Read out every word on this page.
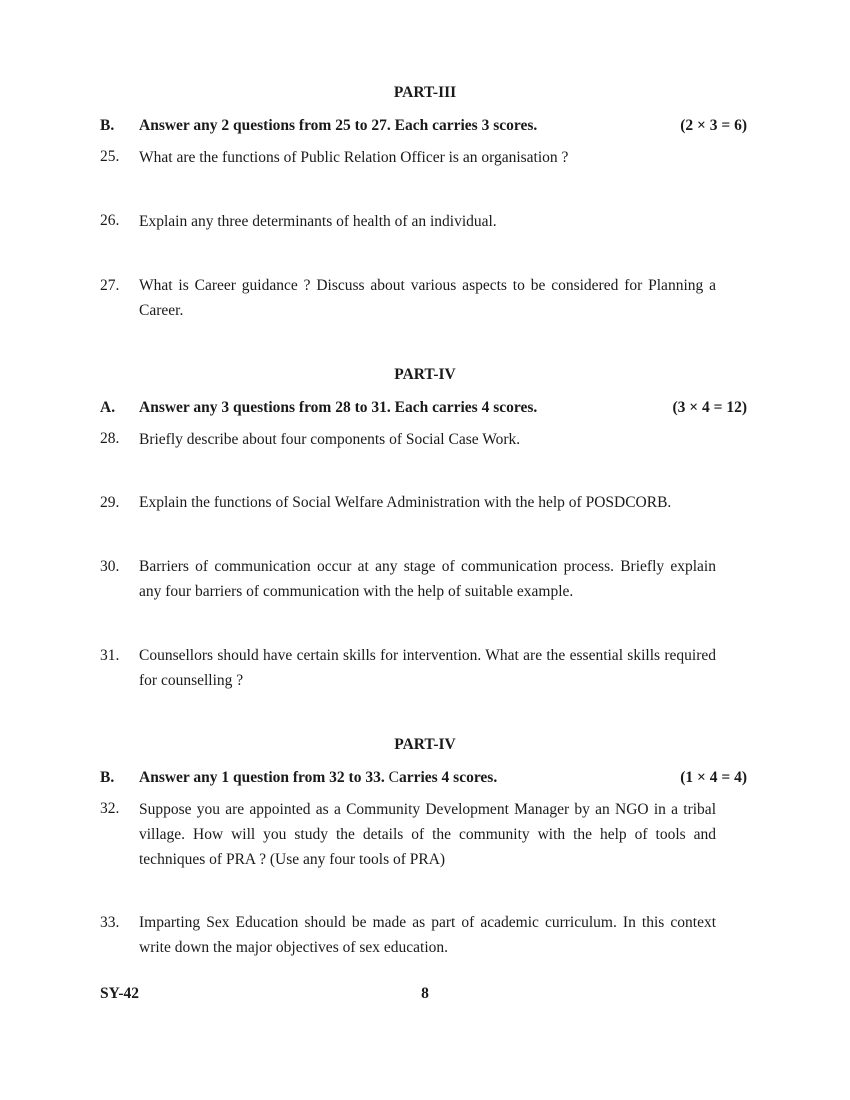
PART-III
B. Answer any 2 questions from 25 to 27. Each carries 3 scores.	(2 × 3 = 6)
25. What are the functions of Public Relation Officer is an organisation ?
26. Explain any three determinants of health of an individual.
27. What is Career guidance ? Discuss about various aspects to be considered for Planning a Career.
PART-IV
A. Answer any 3 questions from 28 to 31. Each carries 4 scores.	(3 × 4 = 12)
28. Briefly describe about four components of Social Case Work.
29. Explain the functions of Social Welfare Administration with the help of POSDCORB.
30. Barriers of communication occur at any stage of communication process. Briefly explain any four barriers of communication with the help of suitable example.
31. Counsellors should have certain skills for intervention. What are the essential skills required for counselling ?
PART-IV
B. Answer any 1 question from 32 to 33. Carries 4 scores.	(1 × 4 = 4)
32. Suppose you are appointed as a Community Development Manager by an NGO in a tribal village. How will you study the details of the community with the help of tools and techniques of PRA ? (Use any four tools of PRA)
33. Imparting Sex Education should be made as part of academic curriculum. In this context write down the major objectives of sex education.
SY-42	8
